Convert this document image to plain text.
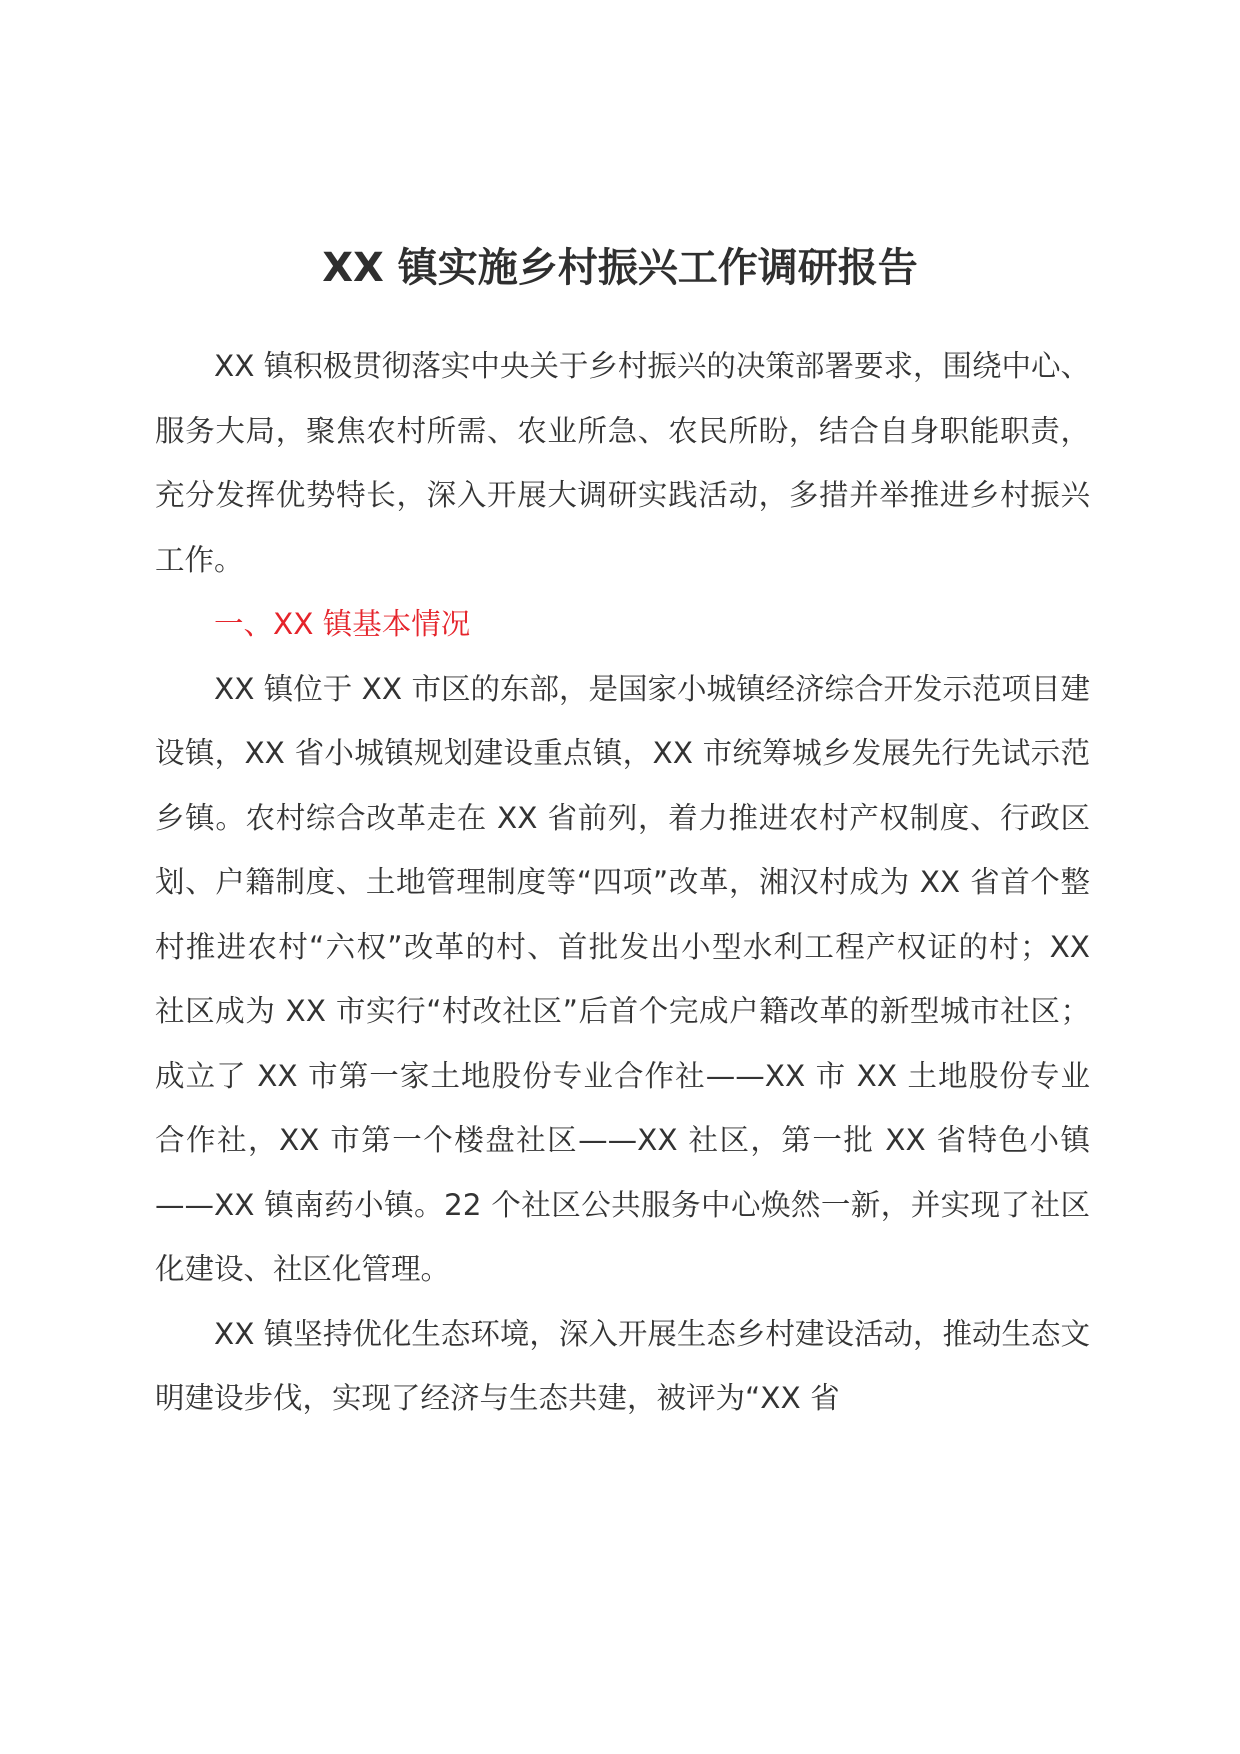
XX 镇实施乡村振兴工作调研报告

XX 镇积极贯彻落实中央关于乡村振兴的决策部署要求，围绕中心、服务大局，聚焦农村所需、农业所急、农民所盼，结合自身职能职责，充分发挥优势特长，深入开展大调研实践活动，多措并举推进乡村振兴工作。

一、XX 镇基本情况

XX 镇位于 XX 市区的东部，是国家小城镇经济综合开发示范项目建设镇，XX 省小城镇规划建设重点镇，XX 市统筹城乡发展先行先试示范乡镇。农村综合改革走在 XX 省前列，着力推进农村产权制度、行政区划、户籍制度、土地管理制度等“四项”改革，湘汉村成为 XX 省首个整村推进农村“六权”改革的村、首批发出小型水利工程产权证的村；XX 社区成为 XX 市实行“村改社区”后首个完成户籍改革的新型城市社区；成立了 XX 市第一家土地股份专业合作社——XX 市 XX 土地股份专业合作社，XX 市第一个楼盘社区——XX 社区，第一批 XX 省特色小镇——XX 镇南药小镇。22 个社区公共服务中心焕然一新，并实现了社区化建设、社区化管理。

XX 镇坚持优化生态环境，深入开展生态乡村建设活动，推动生态文明建设步伐，实现了经济与生态共建，被评为“XX 省
